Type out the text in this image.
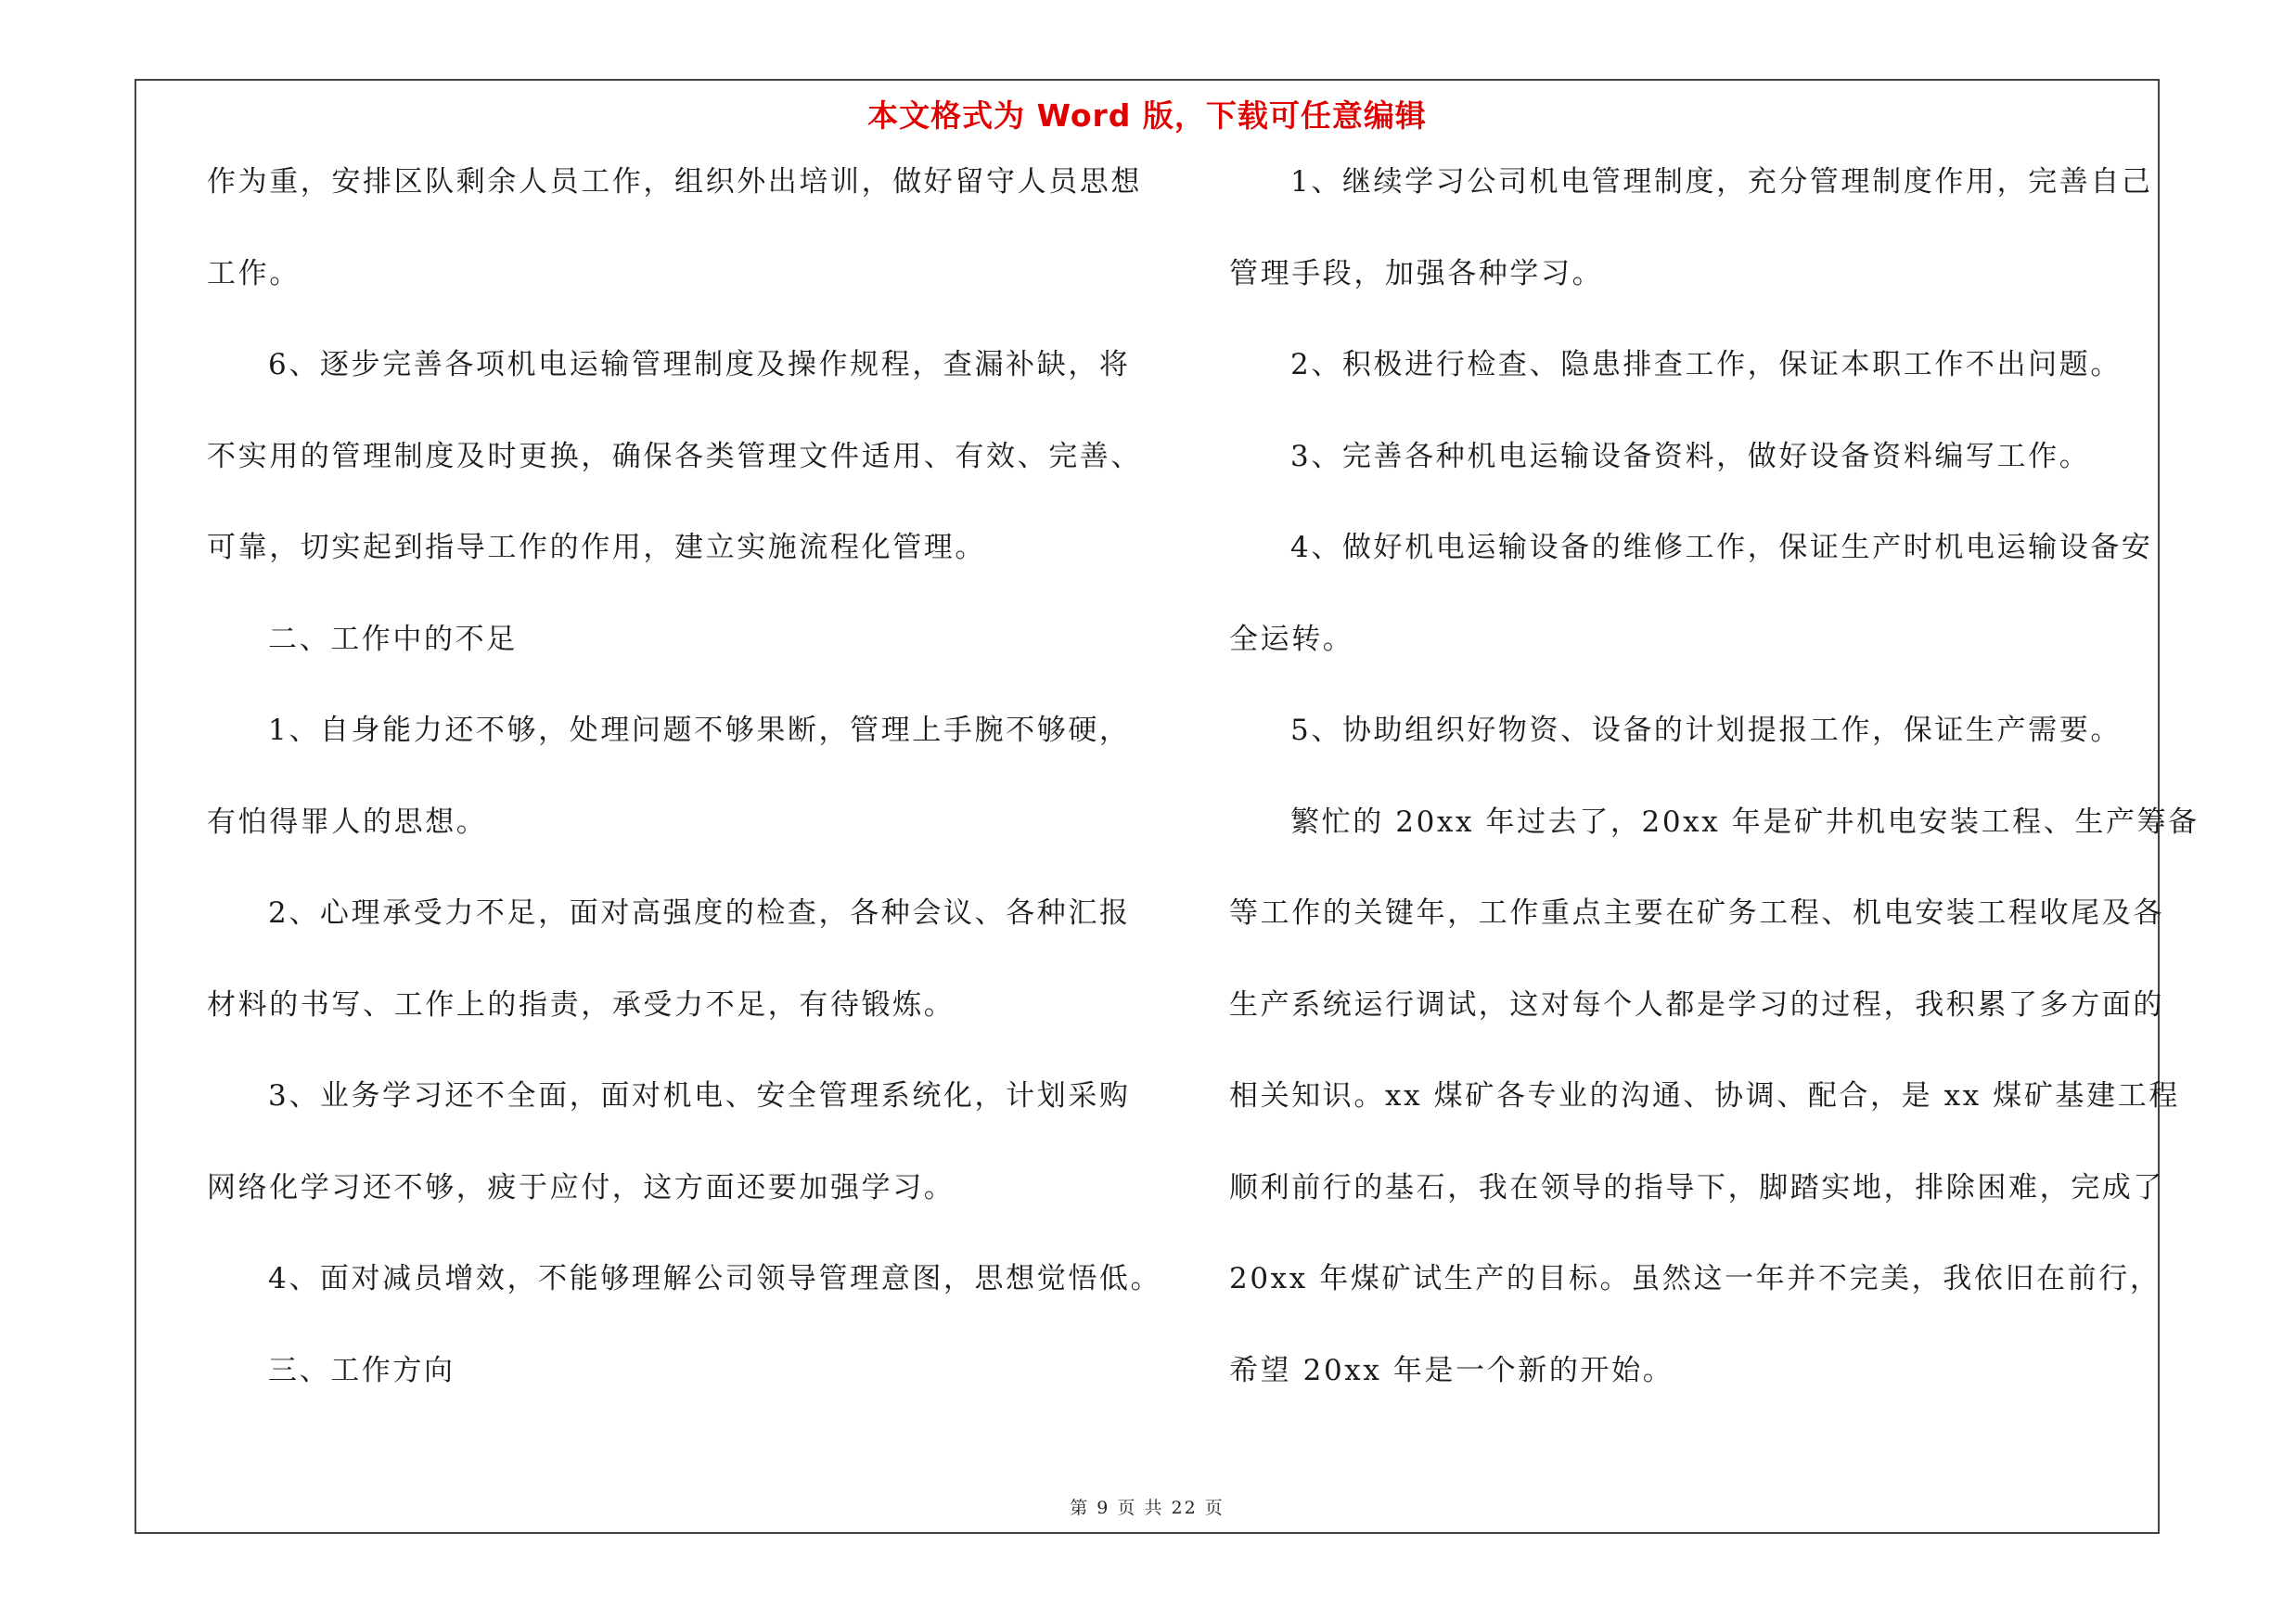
本文格式为 Word 版，下载可任意编辑
作为重，安排区队剩余人员工作，组织外出培训，做好留守人员思想
工作。
6、逐步完善各项机电运输管理制度及操作规程，查漏补缺，将
不实用的管理制度及时更换，确保各类管理文件适用、有效、完善、
可靠，切实起到指导工作的作用，建立实施流程化管理。
二、工作中的不足
1、自身能力还不够，处理问题不够果断，管理上手腕不够硬，
有怕得罪人的思想。
2、心理承受力不足，面对高强度的检查，各种会议、各种汇报
材料的书写、工作上的指责，承受力不足，有待锻炼。
3、业务学习还不全面，面对机电、安全管理系统化，计划采购
网络化学习还不够，疲于应付，这方面还要加强学习。
4、面对减员增效，不能够理解公司领导管理意图，思想觉悟低。
三、工作方向
1、继续学习公司机电管理制度，充分管理制度作用，完善自己
管理手段，加强各种学习。
2、积极进行检查、隐患排查工作，保证本职工作不出问题。
3、完善各种机电运输设备资料，做好设备资料编写工作。
4、做好机电运输设备的维修工作，保证生产时机电运输设备安
全运转。
5、协助组织好物资、设备的计划提报工作，保证生产需要。
繁忙的 20xx 年过去了，20xx 年是矿井机电安装工程、生产筹备
等工作的关键年，工作重点主要在矿务工程、机电安装工程收尾及各
生产系统运行调试，这对每个人都是学习的过程，我积累了多方面的
相关知识。xx 煤矿各专业的沟通、协调、配合，是 xx 煤矿基建工程
顺利前行的基石，我在领导的指导下，脚踏实地，排除困难，完成了
20xx 年煤矿试生产的目标。虽然这一年并不完美，我依旧在前行，
希望 20xx 年是一个新的开始。
第 9 页 共 22 页
